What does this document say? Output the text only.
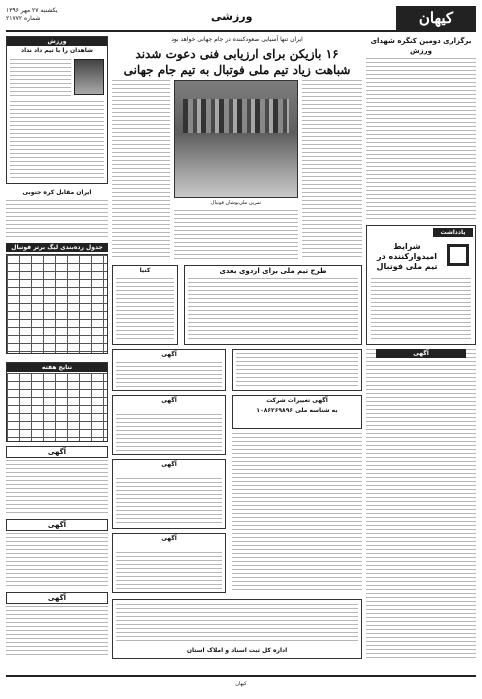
کیهان
ورزشی
یکشنبه ۲۷ مهر ۱۳۹۶
شماره ۲۱۷۷۲
برگزاری دومین کنگره شهدای ورزش
یادداشت
شرایط امیدوارکننده در تیم ملی فوتبال
آگهی
ایران تنها آسیایی صعودکننده در جام جهانی خواهد بود
۱۶ بازیکن برای ارزیابی فنی دعوت شدند
شباهت زیاد تیم ملی فوتبال به تیم جام جهانی
تمرین ملی‌پوشان فوتبال
ورزش
شاهدان را با تیم داد نداد
ایران مقابل کره جنوبی
جدول رده‌بندی لیگ برتر فوتبال
نتایج هفته
آگهی
آگهی
آگهی
طرح تیم ملی برای اردوی بعدی
کنیا
آگهی
آگهی تغییرات شرکت
به شناسه ملی ۱۰۸۶۲۶۹۸۹۶
آگهی
آگهی
آگهی
اداره کل ثبت اسناد و املاک استان
کیهان
